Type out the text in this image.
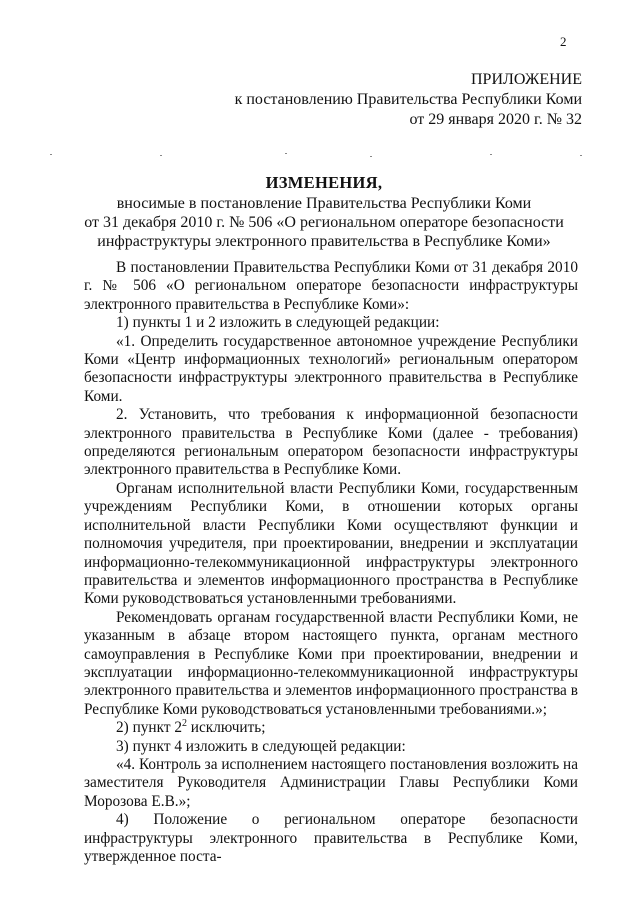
2
ПРИЛОЖЕНИЕ
к постановлению Правительства Республики Коми
от 29 января 2020 г. № 32
ИЗМЕНЕНИЯ,
вносимые в постановление Правительства Республики Коми
от 31 декабря 2010 г. № 506 «О региональном операторе безопасности
инфраструктуры электронного правительства в Республике Коми»

В постановлении Правительства Республики Коми от 31 декабря 2010 г. № 506 «О региональном операторе безопасности инфраструктуры электронного правительства в Республике Коми»:

1) пункты 1 и 2 изложить в следующей редакции:

«1. Определить государственное автономное учреждение Республики Коми «Центр информационных технологий» региональным оператором безопасности инфраструктуры электронного правительства в Республике Коми.

2. Установить, что требования к информационной безопасности электронного правительства в Республике Коми (далее - требования) определяются региональным оператором безопасности инфраструктуры электронного правительства в Республике Коми.

Органам исполнительной власти Республики Коми, государственным учреждениям Республики Коми, в отношении которых органы исполнительной власти Республики Коми осуществляют функции и полномочия учредителя, при проектировании, внедрении и эксплуатации информационно-телекоммуникационной инфраструктуры электронного правительства и элементов информационного пространства в Республике Коми руководствоваться установленными требованиями.

Рекомендовать органам государственной власти Республики Коми, не указанным в абзаце втором настоящего пункта, органам местного самоуправления в Республике Коми при проектировании, внедрении и эксплуатации информационно-телекоммуникационной инфраструктуры электронного правительства и элементов информационного пространства в Республике Коми руководствоваться установленными требованиями.»;

2) пункт $2^2$ исключить;

3) пункт 4 изложить в следующей редакции:

«4. Контроль за исполнением настоящего постановления возложить на заместителя Руководителя Администрации Главы Республики Коми Морозова Е.В.»;

4) Положение о региональном операторе безопасности инфраструктуры электронного правительства в Республике Коми, утвержденное поста-
